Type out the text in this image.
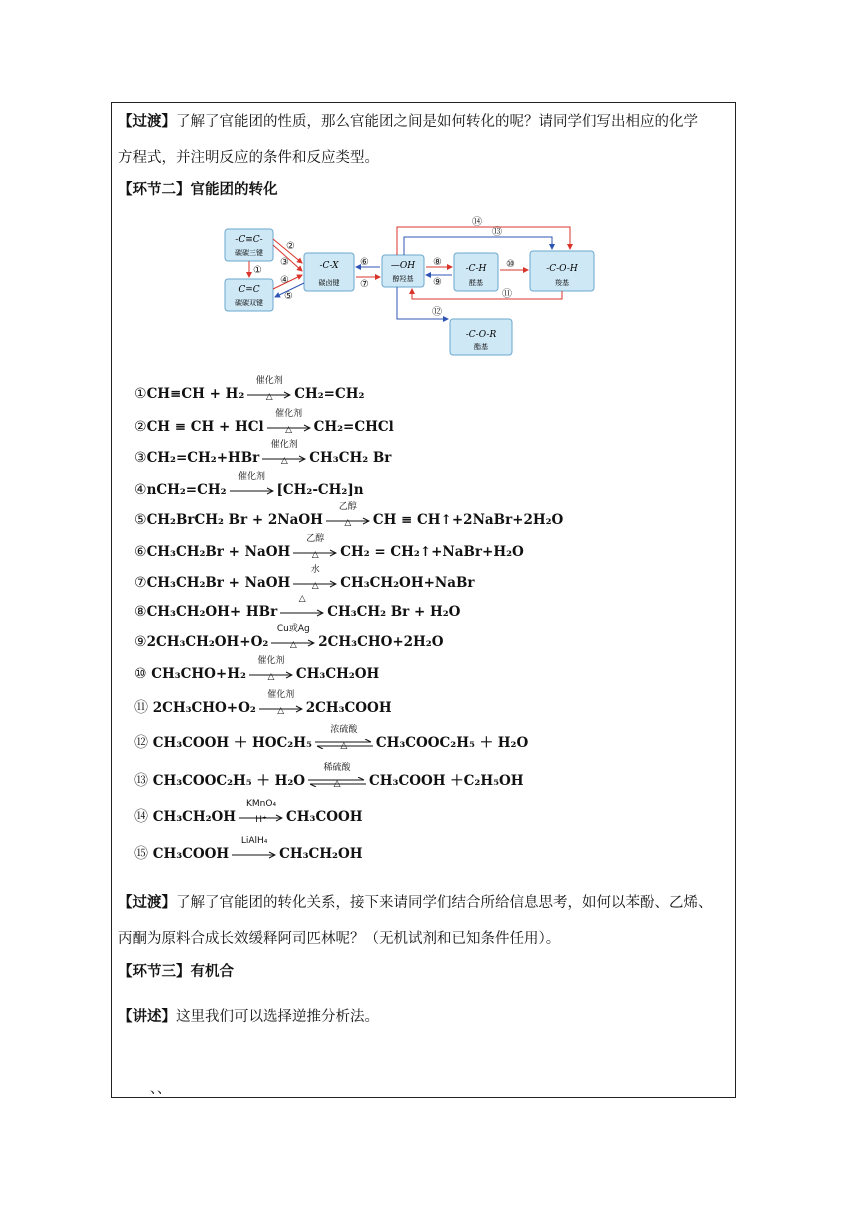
【过渡】了解了官能团的性质，那么官能团之间是如何转化的呢？请同学们写出相应的化学
方程式，并注明反应的条件和反应类型。
【环节二】官能团的转化
-C≡C-
碳碳三键
C=C
碳碳双键
-C-X
碳卤键
—OH
醇羟基
-C-H
醛基
-C-O-H
羧基
-C-O-R
酯基
①
②
③
④
⑤
⑥
⑦
⑧
⑨
⑩
⑪
⑫
⑬
⑭
①CH≡CH + H₂
催化剂
△	CH₂=CH₂
②CH ≡ CH + HCl
催化剂
△	CH₂=CHCl
③CH₂=CH₂+HBr
催化剂
△	CH₃CH₂ Br
④nCH₂=CH₂
催化剂
[CH₂-CH₂]n
⑤CH₂BrCH₂ Br + 2NaOH
乙醇
△	CH ≡ CH↑+2NaBr+2H₂O
⑥CH₃CH₂Br + NaOH
乙醇
△	CH₂ = CH₂↑+NaBr+H₂O
⑦CH₃CH₂Br + NaOH
水
△	CH₃CH₂OH+NaBr
⑧CH₃CH₂OH+ HBr
△
CH₃CH₂ Br + H₂O
⑨2CH₃CH₂OH+O₂
Cu或Ag
△	2CH₃CHO+2H₂O
⑩ CH₃CHO+H₂
催化剂
△	CH₃CH₂OH
⑪ 2CH₃CHO+O₂
催化剂
△	2CH₃COOH
⑫ CH₃COOH ＋ HOC₂H₅
浓硫酸
△	CH₃COOC₂H₅ ＋ H₂O
⑬ CH₃COOC₂H₅ ＋ H₂O
稀硫酸
△	CH₃COOH ＋C₂H₅OH
⑭ CH₃CH₂OH
KMnO₄
H⁺	CH₃COOH
⑮ CH₃COOH
LiAlH₄
CH₃CH₂OH
【过渡】了解了官能团的转化关系，接下来请同学们结合所给信息思考，如何以苯酚、乙烯、
丙酮为原料合成长效缓释阿司匹林呢？（无机试剂和已知条件任用）。
【环节三】有机合
【讲述】这里我们可以选择逆推分析法。
、、
